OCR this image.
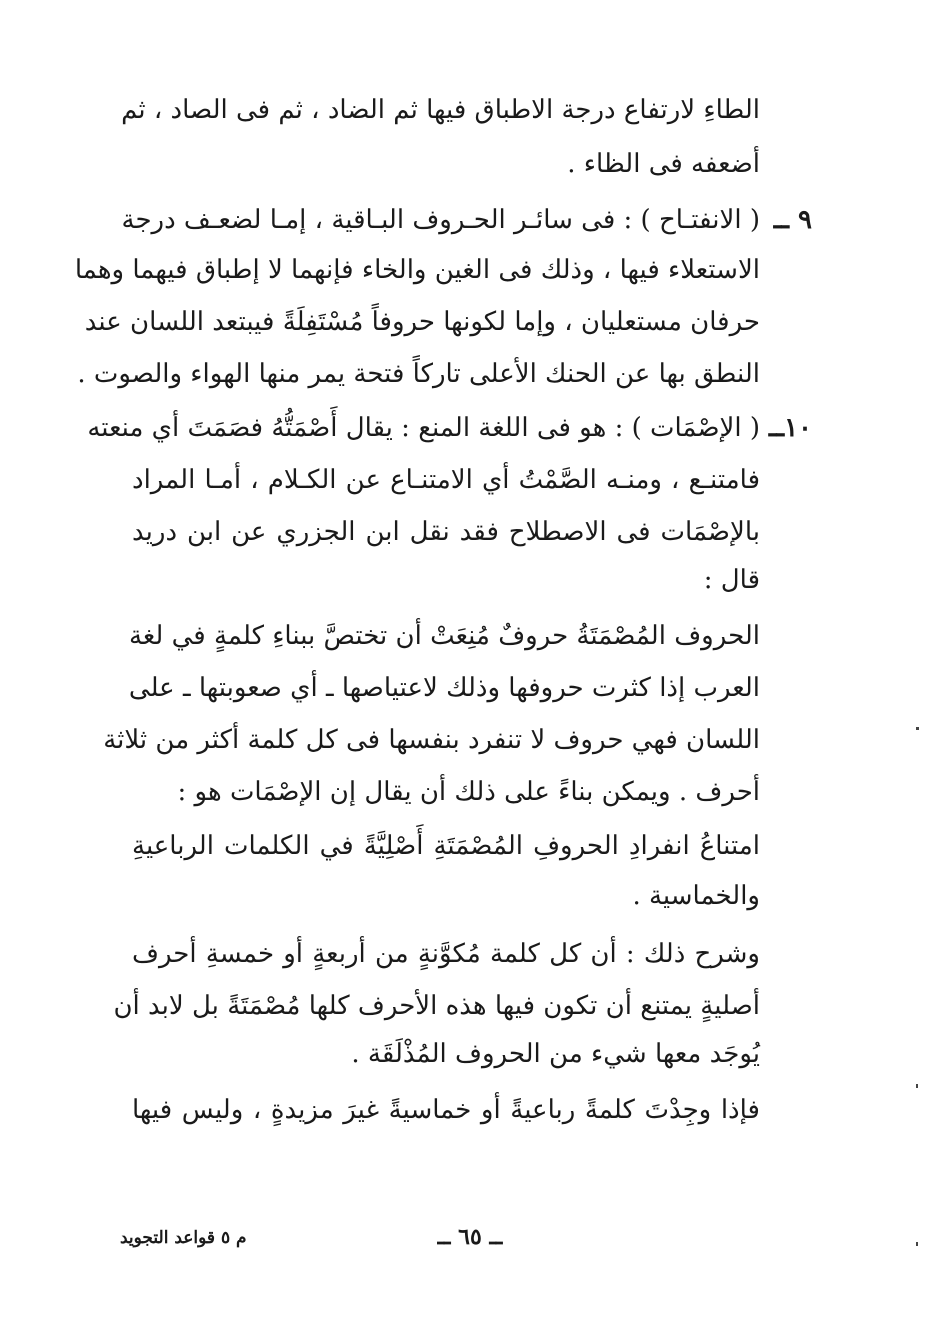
الطاءِ لارتفاع درجة الاطباق فيها ثم الضاد ، ثم فى الصاد ، ثم
أضعفه فى الظاء .
٩ ــ
( الانفتـاح ) : فى سائـر الحـروف البـاقية ، إمـا لضعـف درجة
الاستعلاء فيها ، وذلك فى الغين والخاء فإنهما لا إطباق فيهما وهما
حرفان مستعليان ، وإما لكونها حروفاً مُسْتَفِلَةً فيبتعد اللسان عند
النطق بها عن الحنك الأعلى تاركاً فتحة يمر منها الهواء والصوت .
١٠ــ
( الإصْمَات ) : هو فى اللغة المنع : يقال أَصْمَتُّهُ فصَمَتَ أي منعته
فامتنـع ، ومنـه الصَّمْتُ أي الامتنـاع عن الكـلام ، أمـا المراد
بالإصْمَات فى الاصطلاح فقد نقل ابن الجزري عن ابن دريد
قال :
الحروف المُصْمَتَةُ حروفٌ مُنِعَتْ أن تختصَّ ببناءِ كلمةٍ في لغة
العرب إذا كثرت حروفها وذلك لاعتياصها ـ أي صعوبتها ـ على
اللسان فهي حروف لا تنفرد بنفسها فى كل كلمة أكثر من ثلاثة
أحرف . ويمكن بناءً على ذلك أن يقال إن الإصْمَات هو :
امتناعُ انفرادِ الحروفِ المُصْمَتَةِ أَصْلِيَّةً في الكلمات الرباعيةِ
والخماسية .
وشرح ذلك : أن كل كلمة مُكوَّنةٍ من أربعةٍ أو خمسةِ أحرف
أصليةٍ يمتنع أن تكون فيها هذه الأحرف كلها مُصْمَتَةً بل لابد أن
يُوجَد معها شيء من الحروف المُذْلَقَة .
فإذا وجِدْتَ كلمةً رباعيةً أو خماسيةً غيرَ مزيدةٍ ، وليس فيها
ــ ٦٥ ــ
م ٥ قواعد التجويد
